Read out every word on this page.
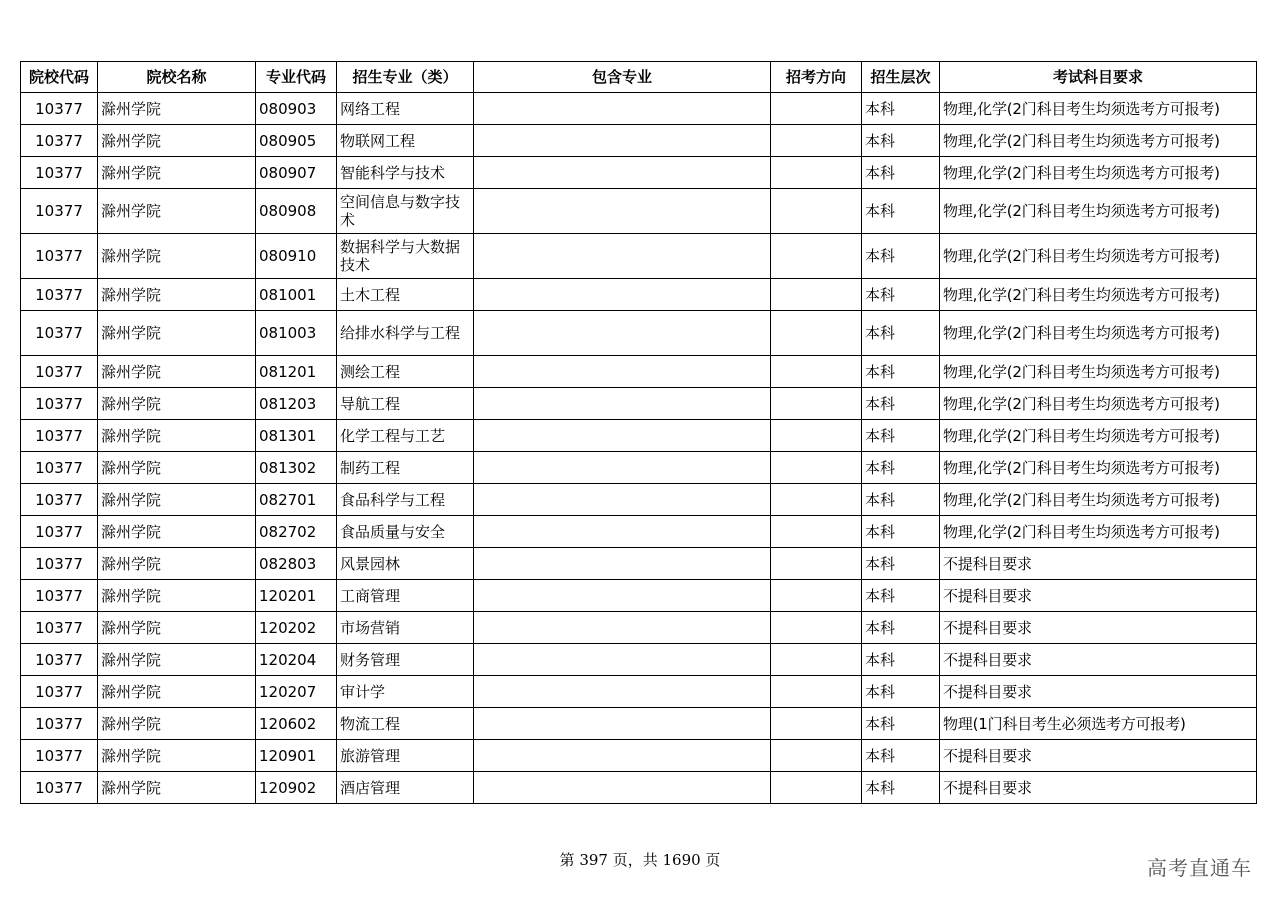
院校代码	院校名称	专业代码	招生专业（类）	包含专业	招考方向	招生层次	考试科目要求
10377	滁州学院	080903	网络工程			本科	物理,化学(2门科目考生均须选考方可报考)
10377	滁州学院	080905	物联网工程			本科	物理,化学(2门科目考生均须选考方可报考)
10377	滁州学院	080907	智能科学与技术			本科	物理,化学(2门科目考生均须选考方可报考)
10377	滁州学院	080908	空间信息与数字技术			本科	物理,化学(2门科目考生均须选考方可报考)
10377	滁州学院	080910	数据科学与大数据技术			本科	物理,化学(2门科目考生均须选考方可报考)
10377	滁州学院	081001	土木工程			本科	物理,化学(2门科目考生均须选考方可报考)
10377	滁州学院	081003	给排水科学与工程			本科	物理,化学(2门科目考生均须选考方可报考)
10377	滁州学院	081201	测绘工程			本科	物理,化学(2门科目考生均须选考方可报考)
10377	滁州学院	081203	导航工程			本科	物理,化学(2门科目考生均须选考方可报考)
10377	滁州学院	081301	化学工程与工艺			本科	物理,化学(2门科目考生均须选考方可报考)
10377	滁州学院	081302	制药工程			本科	物理,化学(2门科目考生均须选考方可报考)
10377	滁州学院	082701	食品科学与工程			本科	物理,化学(2门科目考生均须选考方可报考)
10377	滁州学院	082702	食品质量与安全			本科	物理,化学(2门科目考生均须选考方可报考)
10377	滁州学院	082803	风景园林			本科	不提科目要求
10377	滁州学院	120201	工商管理			本科	不提科目要求
10377	滁州学院	120202	市场营销			本科	不提科目要求
10377	滁州学院	120204	财务管理			本科	不提科目要求
10377	滁州学院	120207	审计学			本科	不提科目要求
10377	滁州学院	120602	物流工程			本科	物理(1门科目考生必须选考方可报考)
10377	滁州学院	120901	旅游管理			本科	不提科目要求
10377	滁州学院	120902	酒店管理			本科	不提科目要求
第 397 页，共 1690 页	高考直通车
